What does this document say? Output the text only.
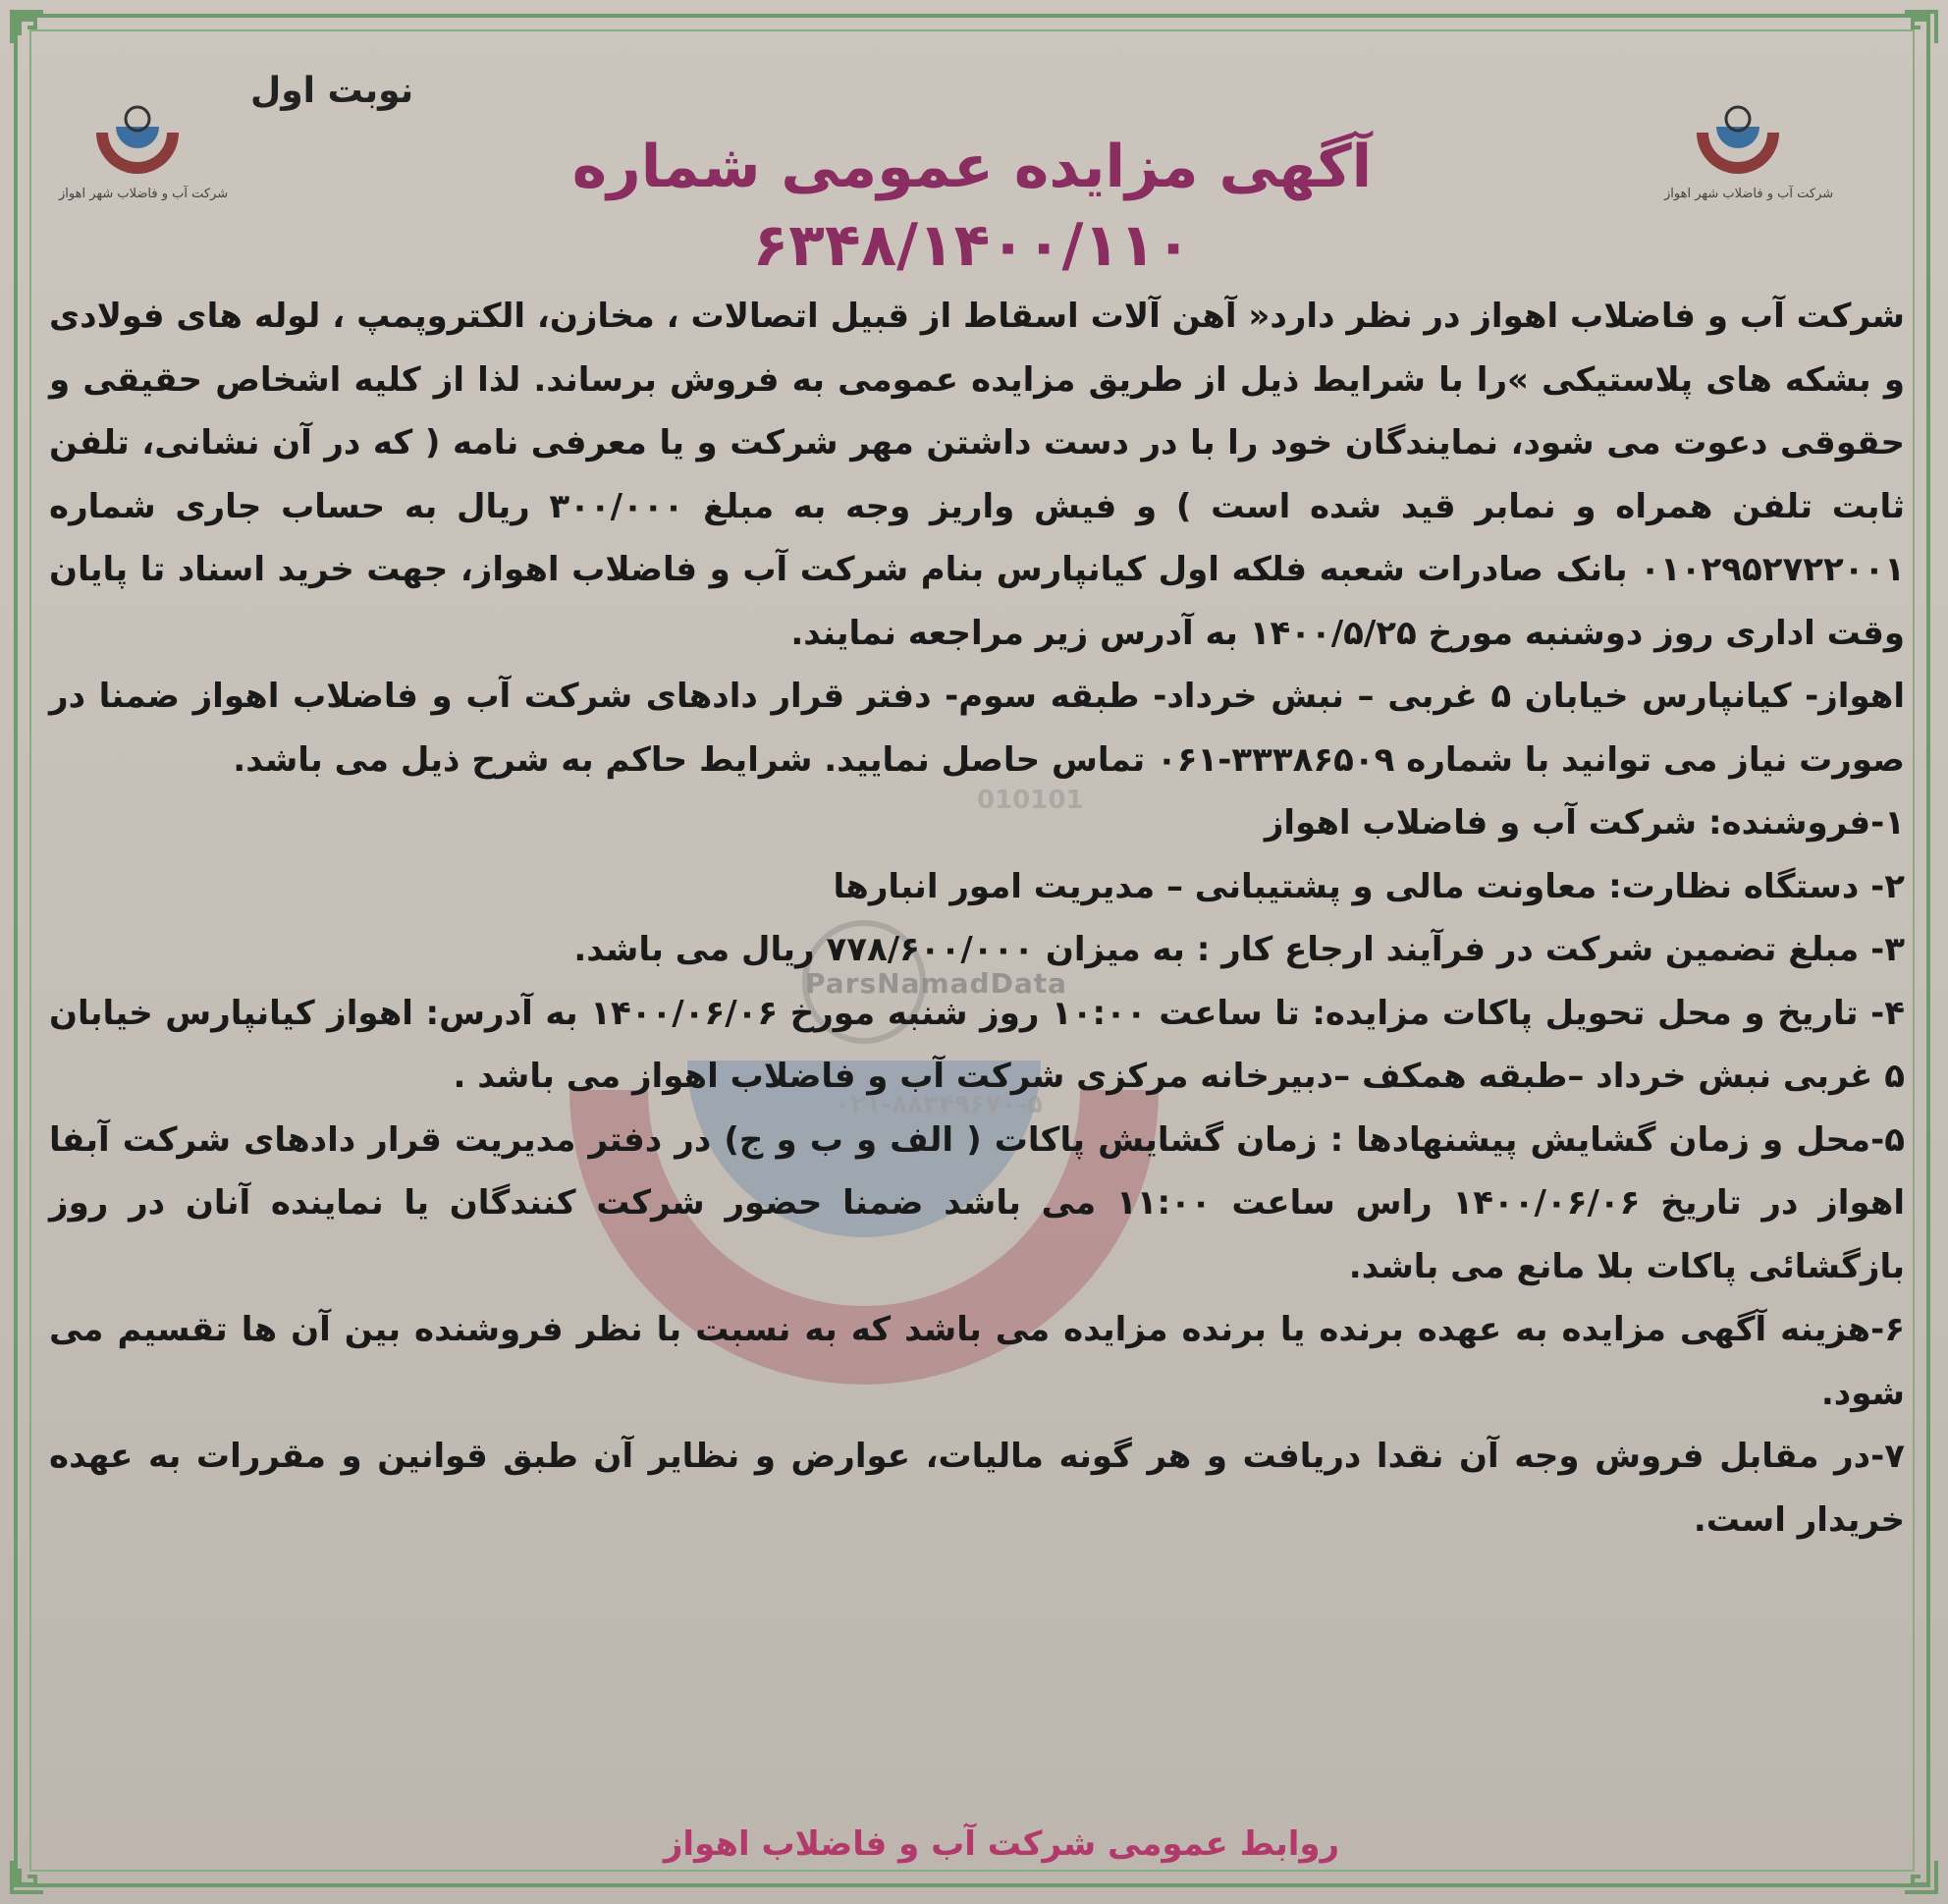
010101
ParsNamadData
۰۲۱-۸۸۳۴۹۶۷۰-۵
شرکت آب و فاضلاب شهر اهواز
شرکت آب و فاضلاب شهر اهواز
نوبت اول
آگهی مزایده عمومی شماره ۶۳۴۸/۱۴۰۰/۱۱۰

شرکت آب و فاضلاب اهواز در نظر دارد« آهن آلات اسقاط از قبیل اتصالات ، مخازن، الکتروپمپ ، لوله های فولادی و بشکه های پلاستیکی »را با شرایط ذیل از طریق مزایده عمومی به فروش برساند. لذا از کلیه اشخاص حقیقی و حقوقی دعوت می شود، نمایندگان خود را با در دست داشتن مهر شرکت و یا معرفی نامه ( که در آن نشانی، تلفن ثابت تلفن همراه و نمابر قید شده است ) و فیش واریز وجه به مبلغ ۳۰۰/۰۰۰ ریال به حساب جاری شماره ۰۱۰۲۹۵۲۷۲۲۰۰۱ بانک صادرات شعبه فلکه اول کیانپارس بنام شرکت آب و فاضلاب اهواز، جهت خرید اسناد تا پایان وقت اداری روز دوشنبه مورخ ۱۴۰۰/۵/۲۵ به آدرس زیر مراجعه نمایند.

اهواز- کیانپارس خیابان ۵ غربی – نبش خرداد- طبقه سوم- دفتر قرار دادهای شرکت آب و فاضلاب اهواز ضمنا در صورت نیاز می توانید با شماره ۳۳۳۸۶۵۰۹-۰۶۱ تماس حاصل نمایید. شرایط حاکم به شرح ذیل می باشد.

۱-فروشنده: شرکت آب و فاضلاب اهواز

۲- دستگاه نظارت: معاونت مالی و پشتیبانی – مدیریت امور انبارها

۳- مبلغ تضمین شرکت در فرآیند ارجاع کار : به میزان ۷۷۸/۶۰۰/۰۰۰ ریال می باشد.

۴- تاریخ و محل تحویل پاکات مزایده: تا ساعت ۱۰:۰۰ روز شنبه مورخ ۱۴۰۰/۰۶/۰۶ به آدرس: اهواز کیانپارس خیابان ۵ غربی نبش خرداد –طبقه همکف –دبیرخانه مرکزی شرکت آب و فاضلاب اهواز می باشد .

۵-محل و زمان گشایش پیشنهادها : زمان گشایش پاکات ( الف و ب و ج) در دفتر مدیریت قرار دادهای شرکت آبفا اهواز در تاریخ ۱۴۰۰/۰۶/۰۶ راس ساعت ۱۱:۰۰ می باشد ضمنا حضور شرکت کنندگان یا نماینده آنان در روز بازگشائی پاکات بلا مانع می باشد.

۶-هزینه آگهی مزایده به عهده برنده یا برنده مزایده می باشد که به نسبت با نظر فروشنده بین آن ها تقسیم می شود.

۷-در مقابل فروش وجه آن نقدا دریافت و هر گونه مالیات، عوارض و نظایر آن طبق قوانین و مقررات به عهده خریدار است.

روابط عمومی شرکت آب و فاضلاب اهواز
